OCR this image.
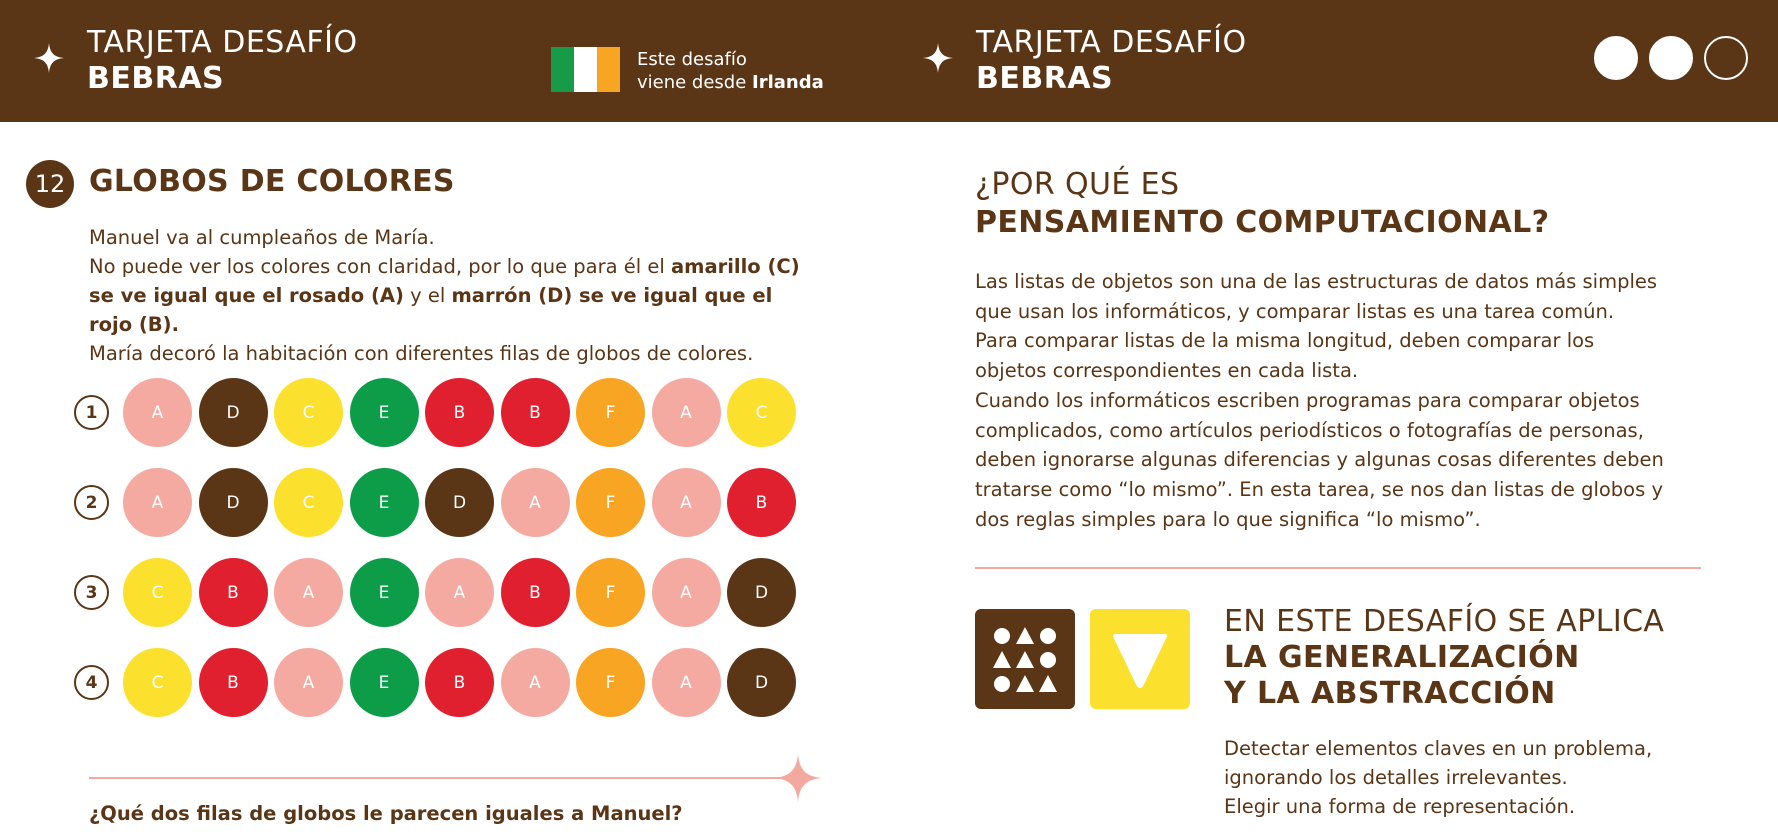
TARJETA DESAFÍO
BEBRAS
Este desafío
viene desde Irlanda
TARJETA DESAFÍO
BEBRAS
12 GLOBOS DE COLORES
Manuel va al cumpleaños de María.
No puede ver los colores con claridad, por lo que para él el amarillo (C)
se ve igual que el rosado (A) y el marrón (D) se ve igual que el rojo (B).
María decoró la habitación con diferentes filas de globos de colores.
1	A	D	C	E	B	B	F	A	C
2	A	D	C	E	D	A	F	A	B
3	C	B	A	E	A	B	F	A	D
4	C	B	A	E	B	A	F	A	D
¿Qué dos filas de globos le parecen iguales a Manuel?
¿POR QUÉ ES
PENSAMIENTO COMPUTACIONAL?
Las listas de objetos son una de las estructuras de datos más simples
que usan los informáticos, y comparar listas es una tarea común.
Para comparar listas de la misma longitud, deben comparar los
objetos correspondientes en cada lista.
Cuando los informáticos escriben programas para comparar objetos
complicados, como artículos periodísticos o fotografías de personas,
deben ignorarse algunas diferencias y algunas cosas diferentes deben
tratarse como “lo mismo”. En esta tarea, se nos dan listas de globos y
dos reglas simples para lo que significa “lo mismo”.
EN ESTE DESAFÍO SE APLICA
LA GENERALIZACIÓN
Y LA ABSTRACCIÓN
Detectar elementos claves en un problema,
ignorando los detalles irrelevantes.
Elegir una forma de representación.
